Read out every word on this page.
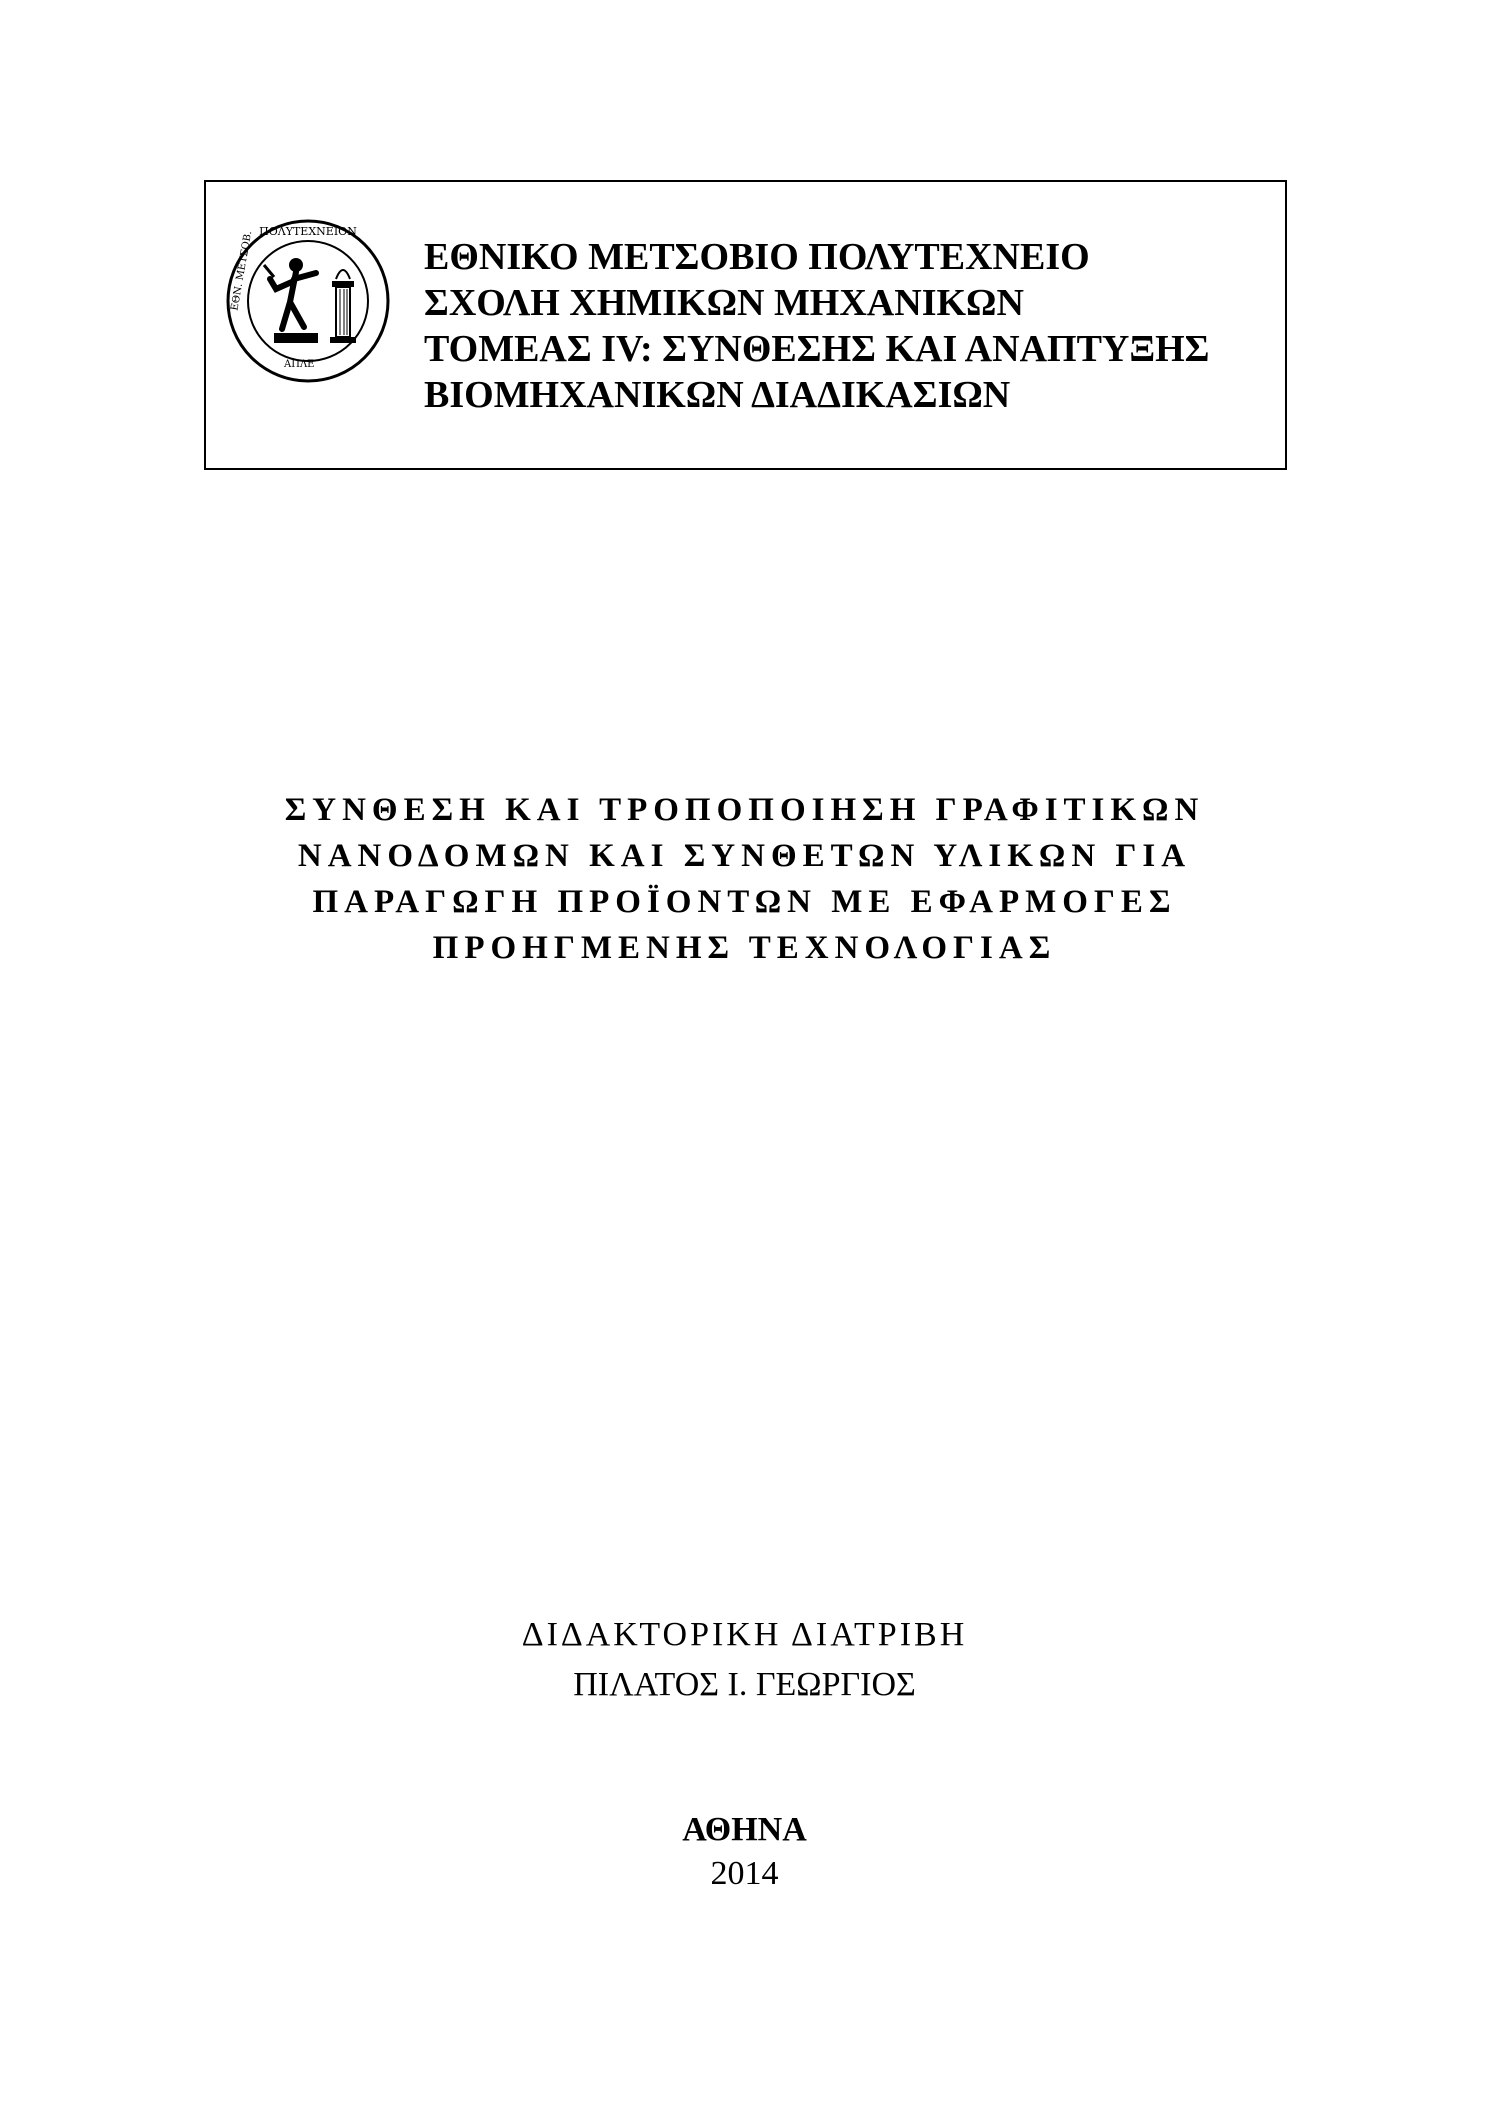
ΠΟΛΥΤΕΧΝΕΙΟΝ
ΕΘΝ. ΜΕΤΣΟΒ.
ΑΠΛΕ
ΕΘΝΙΚΟ ΜΕΤΣΟΒΙΟ ΠΟΛΥΤΕΧΝΕΙΟ
ΣΧΟΛΗ ΧΗΜΙΚΩΝ ΜΗΧΑΝΙΚΩΝ
ΤΟΜΕΑΣ IV: ΣΥΝΘΕΣΗΣ ΚΑΙ ΑΝΑΠΤΥΞΗΣ
ΒΙΟΜΗΧΑΝΙΚΩΝ ΔΙΑΔΙΚΑΣΙΩΝ
ΣΥΝΘΕΣΗ ΚΑΙ ΤΡΟΠΟΠΟΙΗΣΗ ΓΡΑΦΙΤΙΚΩΝ
ΝΑΝΟΔΟΜΩΝ ΚΑΙ ΣΥΝΘΕΤΩΝ ΥΛΙΚΩΝ ΓΙΑ
ΠΑΡΑΓΩΓΗ ΠΡΟΪΟΝΤΩΝ ΜΕ ΕΦΑΡΜΟΓΕΣ
ΠΡΟΗΓΜΕΝΗΣ ΤΕΧΝΟΛΟΓΙΑΣ
ΔΙΔΑΚΤΟΡΙΚΗ ΔΙΑΤΡΙΒΗ
ΠΙΛΑΤΟΣ Ι. ΓΕΩΡΓΙΟΣ
ΑΘΗΝΑ
2014
